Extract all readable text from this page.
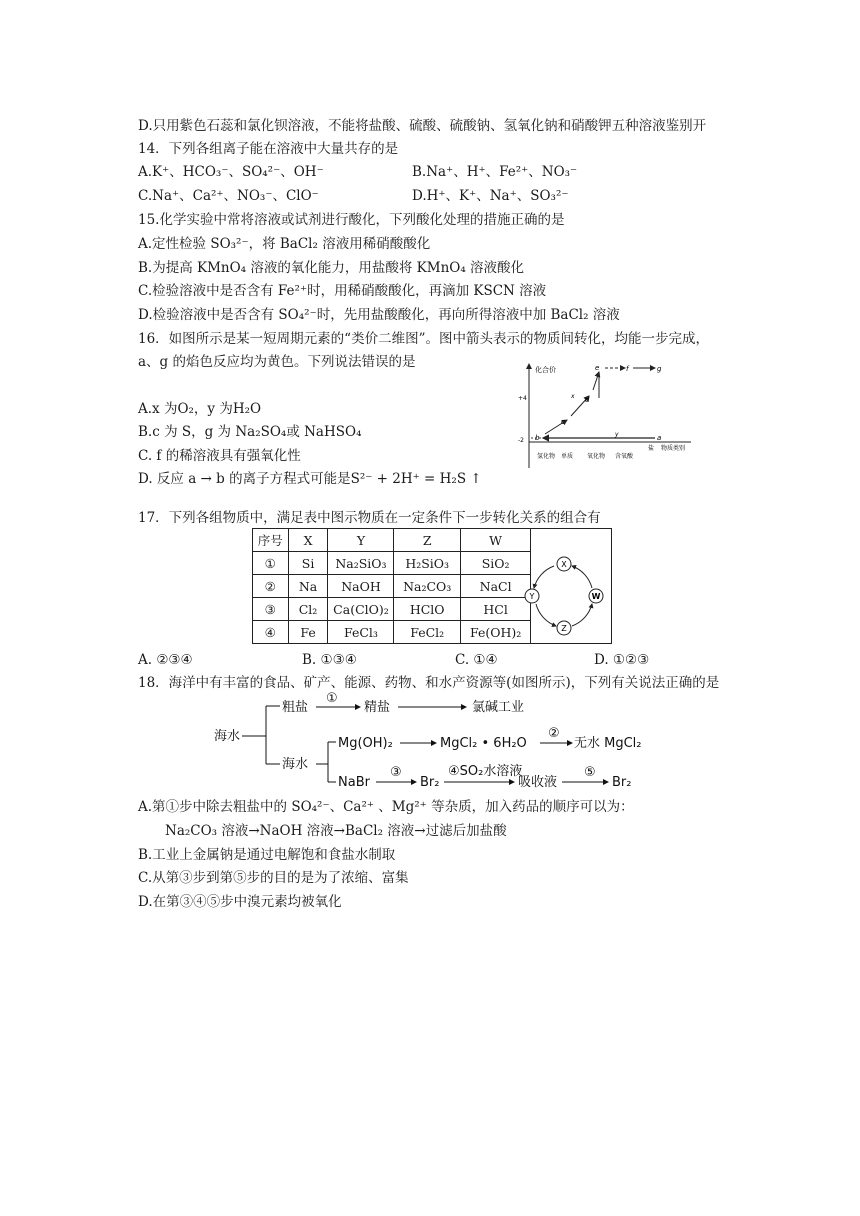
D.只用紫色石蕊和氯化钡溶液，不能将盐酸、硫酸、硫酸钠、氢氧化钠和硝酸钾五种溶液鉴别开
14．下列各组离子能在溶液中大量共存的是
A.K⁺、HCO₃⁻、SO₄²⁻、OH⁻	B.Na⁺、H⁺、Fe²⁺、NO₃⁻
C.Na⁺、Ca²⁺、NO₃⁻、ClO⁻	D.H⁺、K⁺、Na⁺、SO₃²⁻
15.化学实验中常将溶液或试剂进行酸化，下列酸化处理的措施正确的是
A.定性检验 SO₃²⁻，将 BaCl₂ 溶液用稀硝酸酸化
B.为提高 KMnO₄ 溶液的氧化能力，用盐酸将 KMnO₄ 溶液酸化
C.检验溶液中是否含有 Fe²⁺时，用稀硝酸酸化，再滴加 KSCN 溶液
D.检验溶液中是否含有 SO₄²⁻时，先用盐酸酸化，再向所得溶液中加 BaCl₂ 溶液
16．如图所示是某一短周期元素的“类价二维图”。图中箭头表示的物质间转化，均能一步完成，
a、g 的焰色反应均为黄色。下列说法错误的是
A.x 为O₂，y 为H₂O
B.c 为 S，g 为 Na₂SO₄或 NaHSO₄
C. f 的稀溶液具有强氧化性
D. 反应 a → b 的离子方程式可能是S²⁻ + 2H⁺ = H₂S ↑
化合价
+4
-2 b
c
d
e	f	g
a
x
y
氢化物 单质 氧化物 含氧酸
盐 物质类别
17．下列各组物质中，满足表中图示物质在一定条件下一步转化关系的组合有
序号	X	Y	Z	W	
①	Si	Na₂SiO₃	H₂SiO₃	SiO₂	
②	Na	NaOH	Na₂CO₃	NaCl	
③	Cl₂	Ca(ClO)₂	HClO	HCl	
④	Fe	FeCl₃	FeCl₂	Fe(OH)₂	
X
Y
Z
W
A. ②③④	B. ①③④	C. ①④	D. ①②③
18．海洋中有丰富的食品、矿产、能源、药物、和水产资源等(如图所示)，下列有关说法正确的是
海水
粗盐
①
精盐	氯碱工业
海水
Mg(OH)₂	MgCl₂ • 6H₂O
②
无水 MgCl₂
NaBr
③
Br₂
④SO₂水溶液
吸收液
⑤
Br₂
A.第①步中除去粗盐中的 SO₄²⁻、Ca²⁺ 、Mg²⁺ 等杂质，加入药品的顺序可以为：
Na₂CO₃ 溶液→NaOH 溶液→BaCl₂ 溶液→过滤后加盐酸
B.工业上金属钠是通过电解饱和食盐水制取
C.从第③步到第⑤步的目的是为了浓缩、富集
D.在第③④⑤步中溴元素均被氧化
